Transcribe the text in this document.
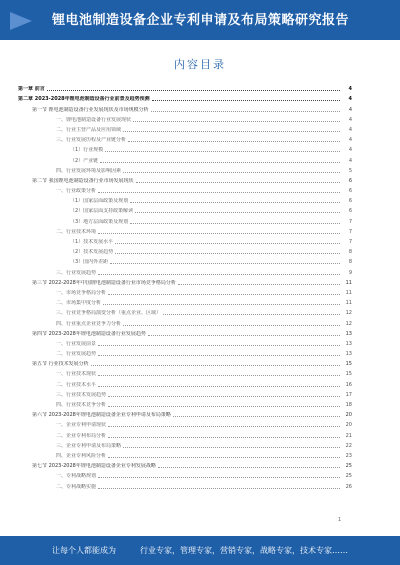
锂电池制造设备企业专利申请及布局策略研究报告
内容目录
第一章 前言	4
第二章 2023-2028年锂电池制造设备行业前景及趋势预测	4
第一节 锂电池制造设备行业发展现状及市场规模分析	4
一、锂电池制造设备行业发展现状	4
二、行业主营产品及应用领域	4
三、行业发展历程及产业链分析	4
（1）行业规模	4
（2）产业链	4
四、行业发展环境及影响因素	5
第二节 我国锂电池制造设备行业市场发展现状	6
一、行业政策分析	6
（1）国家层面政策及规划	6
（2）国家层面支持政策解读	6
（3）地方层面政策及规划	7
二、行业技术环境	7
（1）技术发展水平	7
（2）技术发展趋势	8
（3）国内外差距	8
三、行业发展趋势	9
第三节 2022-2028年中国锂电池制造设备行业市场竞争格局分析	11
一、市场竞争格局分析	11
二、市场集中度分析	11
三、行业竞争格局演变分析（重点企业、区域）	12
四、行业重点企业竞争力分析	12
第四节 2023-2028年锂电池制造设备行业发展趋势	13
一、行业发展前景	13
二、行业发展趋势	13
第五节 行业技术发展分析	15
一、行业技术现状	15
二、行业技术水平	16
三、行业技术发展趋势	17
四、行业技术竞争分析	18
第六节 2023-2028年锂电池制造设备企业专利申请及布局策略	20
一、企业专利申请现状	20
二、企业专利布局分析	21
三、企业专利申请及布局策略	22
四、企业专利风险分析	23
第七节 2023-2028年锂电池制造设备企业专利发展战略	25
一、专利战略规划	25
二、专利战略实施	26
1
让每个人都能成为	行业专家，管理专家，营销专家，战略专家，技术专家……
